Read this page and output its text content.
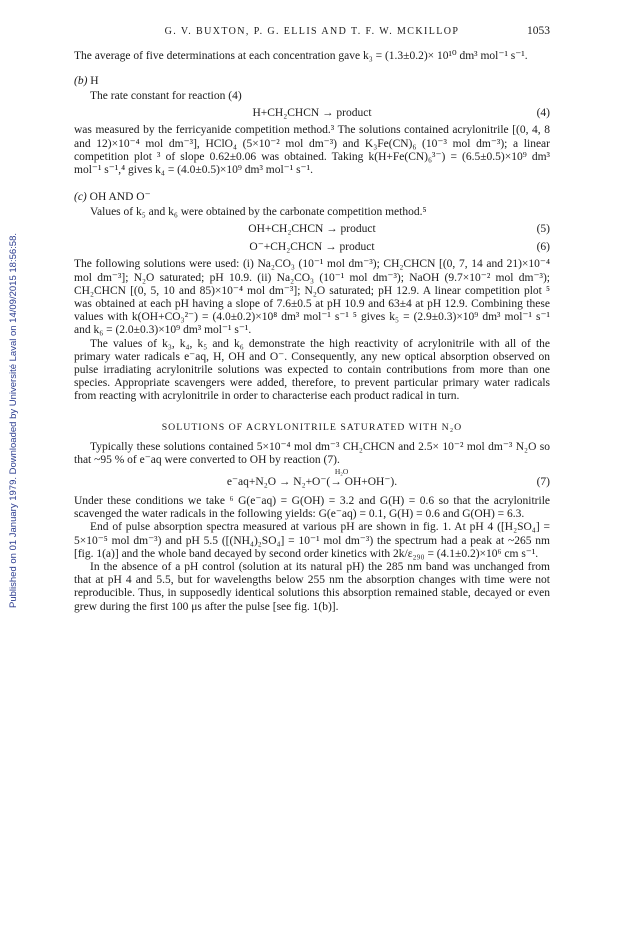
Published on 01 January 1979. Downloaded by Université Laval on 14/09/2015 18:56:58.
G. V. BUXTON, P. G. ELLIS AND T. F. W. MCKILLOP	1053

The average of five determinations at each concentration gave k₃ = (1.3±0.2)× 10¹⁰ dm³ mol⁻¹ s⁻¹.

(b) H

The rate constant for reaction (4)

H+CH₂CHCN → product	(4)

was measured by the ferricyanide competition method.³ The solutions contained acrylonitrile [(0, 4, 8 and 12)×10⁻⁴ mol dm⁻³], HClO₄ (5×10⁻² mol dm⁻³) and K₃Fe(CN)₆ (10⁻³ mol dm⁻³); a linear competition plot ³ of slope 0.62±0.06 was obtained. Taking k(H+Fe(CN)₆³⁻) = (6.5±0.5)×10⁹ dm³ mol⁻¹ s⁻¹,⁴ gives k₄ = (4.0±0.5)×10⁹ dm³ mol⁻¹ s⁻¹.

(c) OH AND O⁻

Values of k₅ and k₆ were obtained by the carbonate competition method.⁵

OH+CH₂CHCN → product	(5)
O⁻+CH₂CHCN → product	(6)

The following solutions were used: (i) Na₂CO₃ (10⁻¹ mol dm⁻³); CH₂CHCN [(0, 7, 14 and 21)×10⁻⁴ mol dm⁻³]; N₂O saturated; pH 10.9. (ii) Na₂CO₃ (10⁻¹ mol dm⁻³); NaOH (9.7×10⁻² mol dm⁻³); CH₂CHCN [(0, 5, 10 and 85)×10⁻⁴ mol dm⁻³]; N₂O saturated; pH 12.9. A linear competition plot ⁵ was obtained at each pH having a slope of 7.6±0.5 at pH 10.9 and 63±4 at pH 12.9. Combining these values with k(OH+CO₃²⁻) = (4.0±0.2)×10⁸ dm³ mol⁻¹ s⁻¹ ⁵ gives k₅ = (2.9±0.3)×10⁹ dm³ mol⁻¹ s⁻¹ and k₆ = (2.0±0.3)×10⁹ dm³ mol⁻¹ s⁻¹.

The values of k₃, k₄, k₅ and k₆ demonstrate the high reactivity of acrylonitrile with all of the primary water radicals e⁻aq, H, OH and O⁻. Consequently, any new optical absorption observed on pulse irradiating acrylonitrile solutions was expected to contain contributions from more than one species. Appropriate scavengers were added, therefore, to prevent particular primary water radicals from reacting with acrylonitrile in order to characterise each product radical in turn.

SOLUTIONS OF ACRYLONITRILE SATURATED WITH N₂O

Typically these solutions contained 5×10⁻⁴ mol dm⁻³ CH₂CHCN and 2.5× 10⁻² mol dm⁻³ N₂O so that ~95 % of e⁻aq were converted to OH by reaction (7).

e⁻aq+N₂O → N₂+O⁻(→ OH+OH⁻).
H₂O
(7)

Under these conditions we take ⁶ G(e⁻aq) = G(OH) = 3.2 and G(H) = 0.6 so that the acrylonitrile scavenged the water radicals in the following yields: G(e⁻aq) = 0.1, G(H) = 0.6 and G(OH) = 6.3.

End of pulse absorption spectra measured at various pH are shown in fig. 1. At pH 4 ([H₂SO₄] = 5×10⁻⁵ mol dm⁻³) and pH 5.5 ([(NH₄)₂SO₄] = 10⁻¹ mol dm⁻³) the spectrum had a peak at ~265 nm [fig. 1(a)] and the whole band decayed by second order kinetics with 2k/ε₂₉₀ = (4.1±0.2)×10⁶ cm s⁻¹.

In the absence of a pH control (solution at its natural pH) the 285 nm band was unchanged from that at pH 4 and 5.5, but for wavelengths below 255 nm the absorption changes with time were not reproducible. Thus, in supposedly identical solutions this absorption remained stable, decayed or even grew during the first 100 μs after the pulse [see fig. 1(b)].
